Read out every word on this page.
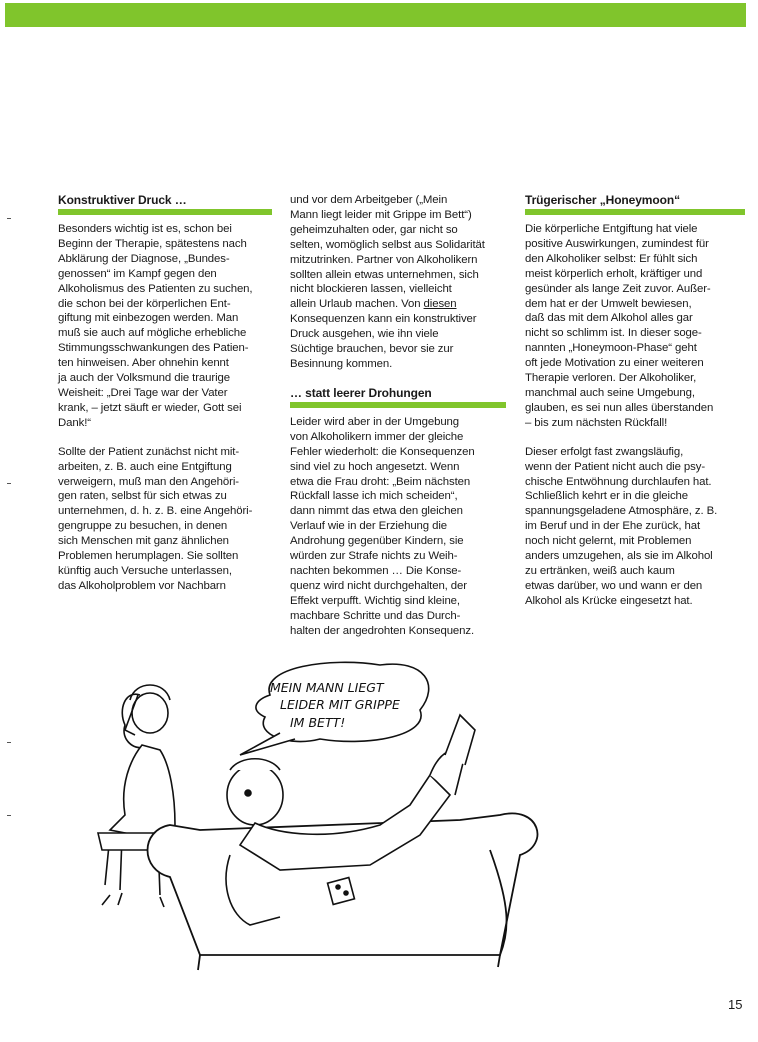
Konstruktiver Druck …

Besonders wichtig ist es, schon bei
Beginn der Therapie, spätestens nach
Abklärung der Diagnose, „Bundes-
genossen“ im Kampf gegen den
Alkoholismus des Patienten zu suchen,
die schon bei der körperlichen Ent-
giftung mit einbezogen werden. Man
muß sie auch auf mögliche erhebliche
Stimmungsschwankungen des Patien-
ten hinweisen. Aber ohnehin kennt
ja auch der Volksmund die traurige
Weisheit: „Drei Tage war der Vater
krank, – jetzt säuft er wieder, Gott sei
Dank!“

Sollte der Patient zunächst nicht mit-
arbeiten, z. B. auch eine Entgiftung
verweigern, muß man den Angehöri-
gen raten, selbst für sich etwas zu
unternehmen, d. h. z. B. eine Angehöri-
gengruppe zu besuchen, in denen
sich Menschen mit ganz ähnlichen
Problemen herumplagen. Sie sollten
künftig auch Versuche unterlassen,
das Alkoholproblem vor Nachbarn

und vor dem Arbeitgeber („Mein
Mann liegt leider mit Grippe im Bett“)
geheimzuhalten oder, gar nicht so
selten, womöglich selbst aus Solidarität
mitzutrinken. Partner von Alkoholikern
sollten allein etwas unternehmen, sich
nicht blockieren lassen, vielleicht
allein Urlaub machen. Von diesen
Konsequenzen kann ein konstruktiver
Druck ausgehen, wie ihn viele
Süchtige brauchen, bevor sie zur
Besinnung kommen.

… statt leerer Drohungen

Leider wird aber in der Umgebung
von Alkoholikern immer der gleiche
Fehler wiederholt: die Konsequenzen
sind viel zu hoch angesetzt. Wenn
etwa die Frau droht: „Beim nächsten
Rückfall lasse ich mich scheiden“,
dann nimmt das etwa den gleichen
Verlauf wie in der Erziehung die
Androhung gegenüber Kindern, sie
würden zur Strafe nichts zu Weih-
nachten bekommen … Die Konse-
quenz wird nicht durchgehalten, der
Effekt verpufft. Wichtig sind kleine,
machbare Schritte und das Durch-
halten der angedrohten Konsequenz.

Trügerischer „Honeymoon“

Die körperliche Entgiftung hat viele
positive Auswirkungen, zumindest für
den Alkoholiker selbst: Er fühlt sich
meist körperlich erholt, kräftiger und
gesünder als lange Zeit zuvor. Außer-
dem hat er der Umwelt bewiesen,
daß das mit dem Alkohol alles gar
nicht so schlimm ist. In dieser soge-
nannten „Honeymoon-Phase“ geht
oft jede Motivation zu einer weiteren
Therapie verloren. Der Alkoholiker,
manchmal auch seine Umgebung,
glauben, es sei nun alles überstanden
– bis zum nächsten Rückfall!

Dieser erfolgt fast zwangsläufig,
wenn der Patient nicht auch die psy-
chische Entwöhnung durchlaufen hat.
Schließlich kehrt er in die gleiche
spannungsgeladene Atmosphäre, z. B.
im Beruf und in der Ehe zurück, hat
noch nicht gelernt, mit Problemen
anders umzugehen, als sie im Alkohol
zu ertränken, weiß auch kaum
etwas darüber, wo und wann er den
Alkohol als Krücke eingesetzt hat.

MEIN MANN LIEGT
LEIDER MIT GRIPPE
IM BETT!
15
